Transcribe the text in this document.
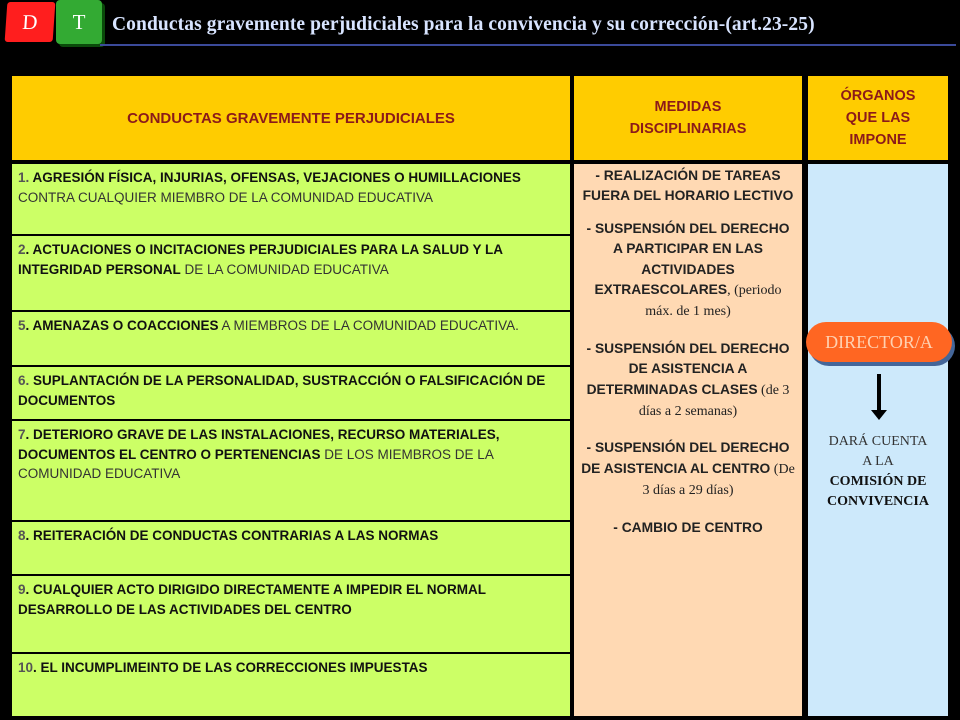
D	T	Conductas gravemente perjudiciales para la convivencia y su corrección-(art.23-25)
CONDUCTAS GRAVEMENTE PERJUDICIALES
MEDIDAS
DISCIPLINARIAS
ÓRGANOS
QUE LAS
IMPONE
1. AGRESIÓN FÍSICA, INJURIAS, OFENSAS, VEJACIONES O HUMILLACIONES CONTRA CUALQUIER MIEMBRO DE LA COMUNIDAD EDUCATIVA
2. ACTUACIONES O INCITACIONES PERJUDICIALES PARA LA SALUD Y LA INTEGRIDAD PERSONAL DE LA COMUNIDAD EDUCATIVA
5. AMENAZAS O COACCIONES A MIEMBROS DE LA COMUNIDAD EDUCATIVA.
6. SUPLANTACIÓN DE LA PERSONALIDAD, SUSTRACCIÓN O FALSIFICACIÓN DE DOCUMENTOS
7. DETERIORO GRAVE DE LAS INSTALACIONES, RECURSO MATERIALES, DOCUMENTOS EL CENTRO O PERTENENCIAS DE LOS MIEMBROS DE LA COMUNIDAD EDUCATIVA
8. REITERACIÓN DE CONDUCTAS CONTRARIAS A LAS NORMAS
9. CUALQUIER ACTO DIRIGIDO DIRECTAMENTE A IMPEDIR EL NORMAL DESARROLLO DE LAS ACTIVIDADES DEL CENTRO
10. EL INCUMPLIMEINTO DE LAS CORRECCIONES IMPUESTAS

- REALIZACIÓN DE TAREAS FUERA DEL HORARIO LECTIVO

- SUSPENSIÓN DEL DERECHO A PARTICIPAR EN LAS ACTIVIDADES EXTRAESCOLARES, (periodo máx. de 1 mes)

- SUSPENSIÓN DEL DERECHO DE ASISTENCIA A DETERMINADAS CLASES (de 3 días a 2 semanas)

- SUSPENSIÓN DEL DERECHO DE ASISTENCIA AL CENTRO (De 3 días a 29 días)

- CAMBIO DE CENTRO

DIRECTOR/A
DARÁ CUENTA
A LA
COMISIÓN DE CONVIVENCIA
